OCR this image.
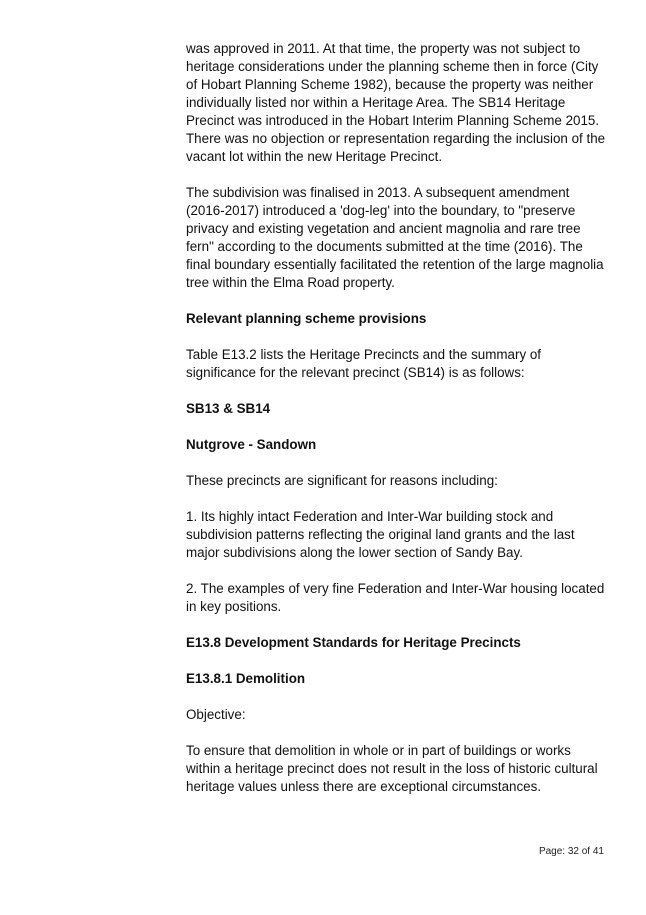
was approved in 2011. At that time, the property was not subject to heritage considerations under the planning scheme then in force (City of Hobart Planning Scheme 1982), because the property was neither individually listed nor within a Heritage Area. The SB14 Heritage Precinct was introduced in the Hobart Interim Planning Scheme 2015. There was no objection or representation regarding the inclusion of the vacant lot within the new Heritage Precinct.

The subdivision was finalised in 2013. A subsequent amendment (2016-2017) introduced a 'dog-leg' into the boundary, to "preserve privacy and existing vegetation and ancient magnolia and rare tree fern" according to the documents submitted at the time (2016). The final boundary essentially facilitated the retention of the large magnolia tree within the Elma Road property.

Relevant planning scheme provisions

Table E13.2 lists the Heritage Precincts and the summary of significance for the relevant precinct (SB14) is as follows:

SB13 & SB14

Nutgrove - Sandown

These precincts are significant for reasons including:

1. Its highly intact Federation and Inter-War building stock and subdivision patterns reflecting the original land grants and the last major subdivisions along the lower section of Sandy Bay.

2. The examples of very fine Federation and Inter-War housing located in key positions.

E13.8 Development Standards for Heritage Precincts

E13.8.1 Demolition

Objective:

To ensure that demolition in whole or in part of buildings or works within a heritage precinct does not result in the loss of historic cultural heritage values unless there are exceptional circumstances.

Page: 32 of 41
